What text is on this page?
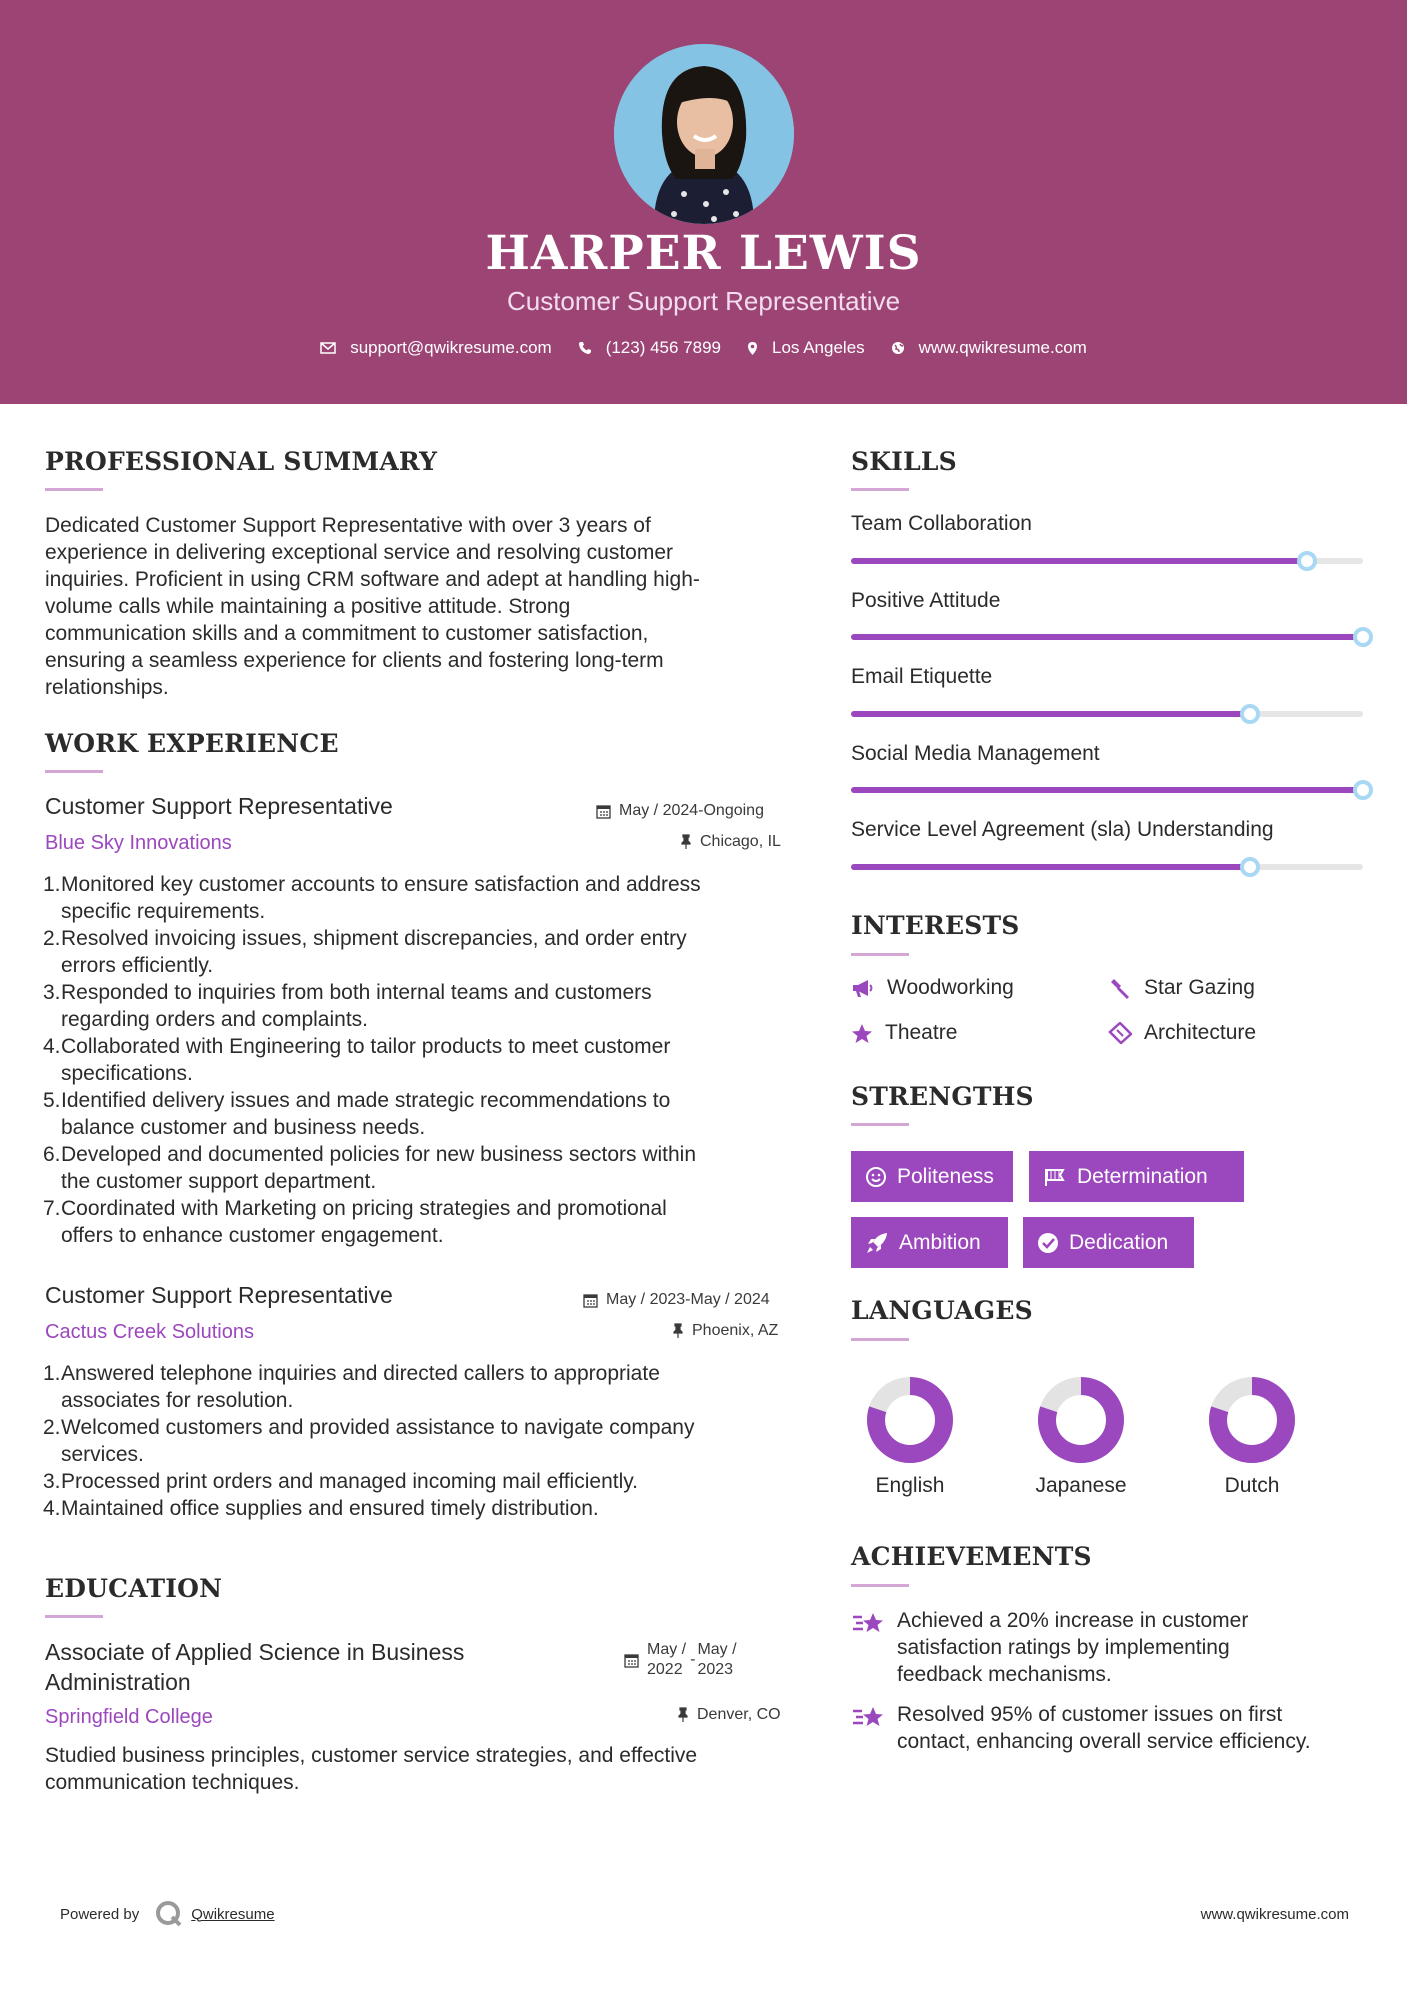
HARPER LEWIS
Customer Support Representative
support@qwikresume.com	(123) 456 7899	Los Angeles	www.qwikresume.com
PROFESSIONAL SUMMARY
Dedicated Customer Support Representative with over 3 years of
experience in delivering exceptional service and resolving customer
inquiries. Proficient in using CRM software and adept at handling high-
volume calls while maintaining a positive attitude. Strong
communication skills and a commitment to customer satisfaction,
ensuring a seamless experience for clients and fostering long-term
relationships.
WORK EXPERIENCE
Customer Support Representative	May / 2024-Ongoing
Blue Sky Innovations	Chicago, IL
1. Monitored key customer accounts to ensure satisfaction and address
specific requirements.
2. Resolved invoicing issues, shipment discrepancies, and order entry
errors efficiently.
3. Responded to inquiries from both internal teams and customers
regarding orders and complaints.
4. Collaborated with Engineering to tailor products to meet customer
specifications.
5. Identified delivery issues and made strategic recommendations to
balance customer and business needs.
6. Developed and documented policies for new business sectors within
the customer support department.
7. Coordinated with Marketing on pricing strategies and promotional
offers to enhance customer engagement.
Customer Support Representative	May / 2023-May / 2024
Cactus Creek Solutions	Phoenix, AZ
1. Answered telephone inquiries and directed callers to appropriate
associates for resolution.
2. Welcomed customers and provided assistance to navigate company
services.
3. Processed print orders and managed incoming mail efficiently.
4. Maintained office supplies and ensured timely distribution.
EDUCATION
Associate of Applied Science in Business
Administration
May /
2022
-
May /
2023
Springfield College	Denver, CO
Studied business principles, customer service strategies, and effective
communication techniques.
SKILLS
Team Collaboration
Positive Attitude
Email Etiquette
Social Media Management
Service Level Agreement (sla) Understanding
INTERESTS
Woodworking	Star Gazing
Theatre	Architecture
STRENGTHS
Politeness	Determination
Ambition	Dedication
LANGUAGES
English	Japanese	Dutch
ACHIEVEMENTS
Achieved a 20% increase in customer
satisfaction ratings by implementing
feedback mechanisms.
Resolved 95% of customer issues on first
contact, enhancing overall service efficiency.
Powered by	Qwikresume	www.qwikresume.com
